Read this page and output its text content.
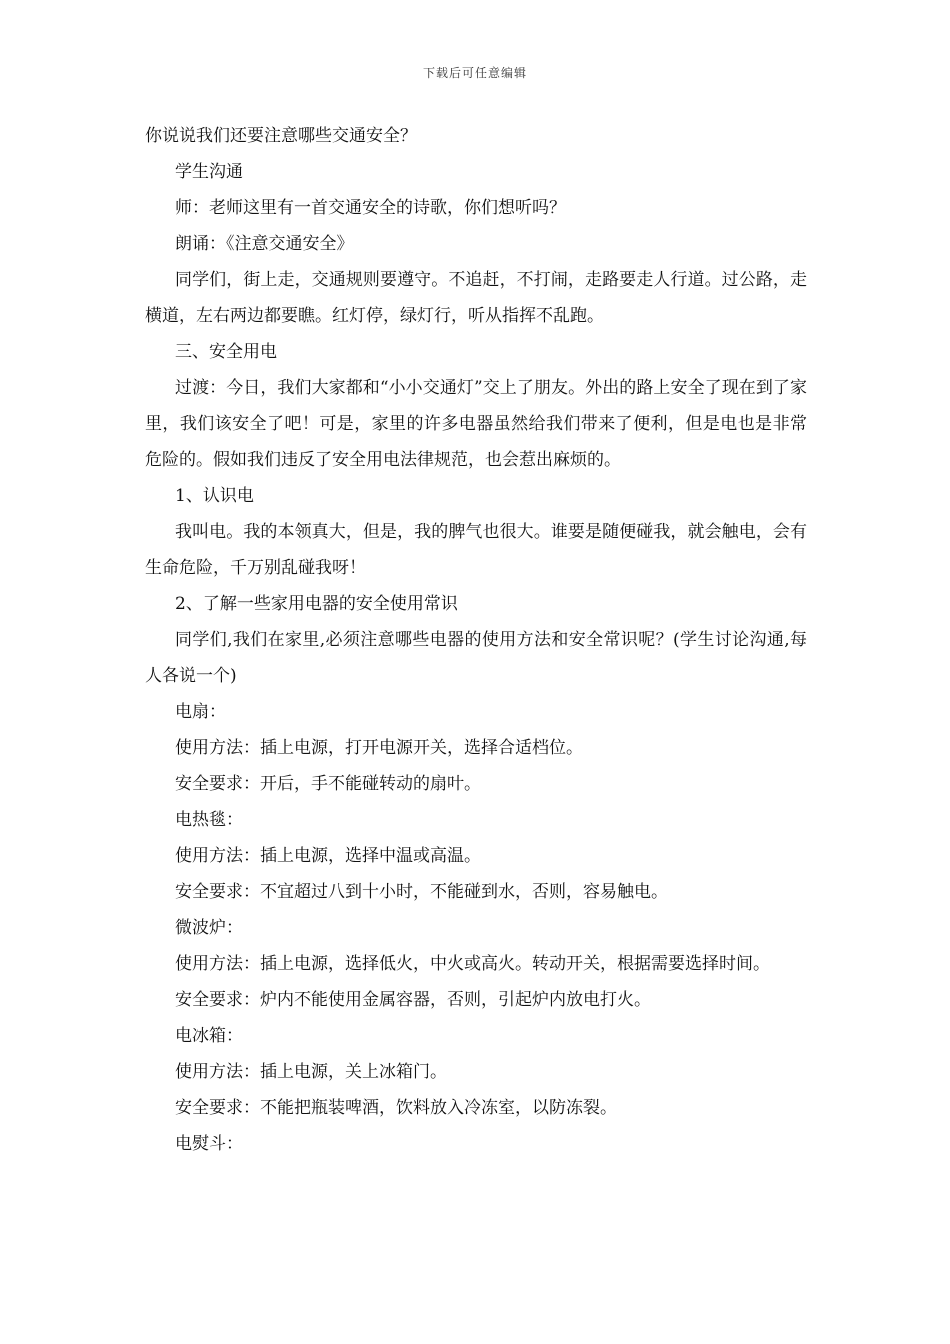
下载后可任意编辑

你说说我们还要注意哪些交通安全？

学生沟通

师：老师这里有一首交通安全的诗歌，你们想听吗？

朗诵：《注意交通安全》

同学们，街上走，交通规则要遵守。不追赶，不打闹，走路要走人行道。过公路，走横道，左右两边都要瞧。红灯停，绿灯行，听从指挥不乱跑。

三、安全用电

过渡：今日，我们大家都和“小小交通灯”交上了朋友。外出的路上安全了现在到了家里，我们该安全了吧！可是，家里的许多电器虽然给我们带来了便利，但是电也是非常危险的。假如我们违反了安全用电法律规范，也会惹出麻烦的。

1、认识电

我叫电。我的本领真大，但是，我的脾气也很大。谁要是随便碰我，就会触电，会有生命危险，千万别乱碰我呀！

2、了解一些家用电器的安全使用常识

同学们,我们在家里,必须注意哪些电器的使用方法和安全常识呢？(学生讨论沟通,每人各说一个)

电扇：

使用方法：插上电源，打开电源开关，选择合适档位。

安全要求：开后，手不能碰转动的扇叶。

电热毯：

使用方法：插上电源，选择中温或高温。

安全要求：不宜超过八到十小时，不能碰到水，否则，容易触电。

微波炉：

使用方法：插上电源，选择低火，中火或高火。转动开关，根据需要选择时间。

安全要求：炉内不能使用金属容器，否则，引起炉内放电打火。

电冰箱：

使用方法：插上电源，关上冰箱门。

安全要求：不能把瓶装啤酒，饮料放入冷冻室，以防冻裂。

电熨斗：
